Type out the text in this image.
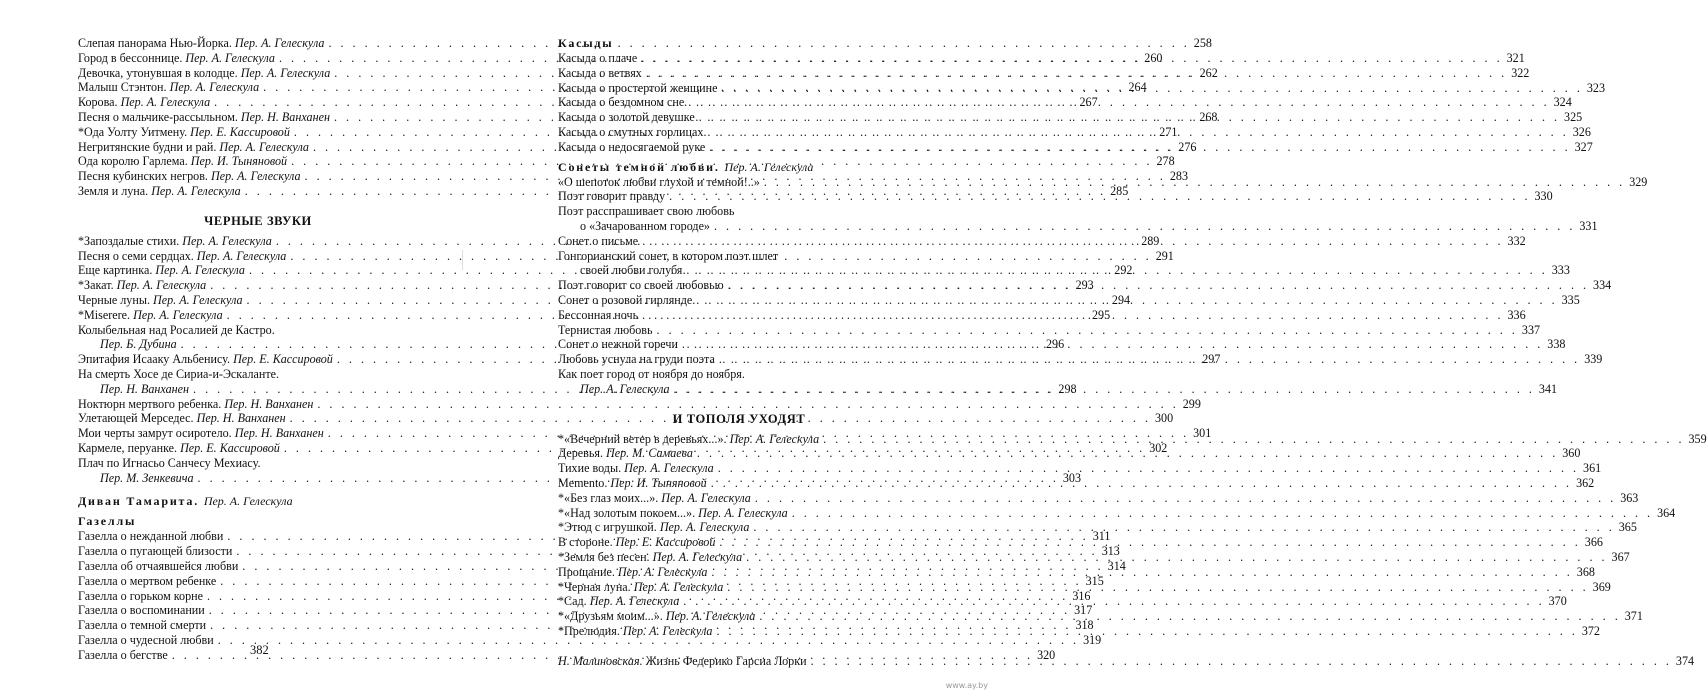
Слепая панорама Нью-Йорка. Пер. А. Гелескула . . .	258
Город в бессоннице. Пер. А. Гелескула . . .	260
Девочка, утонувшая в колодце. Пер. А. Гелескула . . .	262
Малыш Стэнтон. Пер. А. Гелескула . . .	264
Корова. Пер. А. Гелескула . . .	267
Песня о мальчике-рассыльном. Пер. Н. Ванханен . . .	268
*Ода Уолту Уитмену. Пер. Е. Кассировой . . .	271
Негритянские будни и рай. Пер. А. Гелескула . . .	276
Ода королю Гарлема. Пер. И. Тыняновой . . .	278
Песня кубинских негров. Пер. А. Гелескула . . .	283
Земля и луна. Пер. А. Гелескула . . .	285
ЧЕРНЫЕ ЗВУКИ
*Запоздалые стихи. Пер. А. Гелескула . . .	289
Песня о семи сердцах. Пер. А. Гелескула . . .	291
Еще картинка. Пер. А. Гелескула . . .	292
*Закат. Пер. А. Гелескула . . .	293
Черные луны. Пер. А. Гелескула . . .	294
*Miserere. Пер. А. Гелескула . . .	295
Колыбельная над Росалией де Кастро.
Пер. Б. Дубина . . .	296
Эпитафия Исааку Альбенису. Пер. Е. Кассировой . . .	297
На смерть Хосе де Сириа-и-Эскаланте.
Пер. Н. Ванханен . . .	298
Ноктюрн мертвого ребенка. Пер. Н. Ванханен . . .	299
Улетающей Мерседес. Пер. Н. Ванханен . . .	300
Мои черты замрут осиротело. Пер. Н. Ванханен . . .	301
Кармеле, перуанке. Пер. Е. Кассировой . . .	302
Плач по Игнасьо Санчесу Мехиасу.
Пер. М. Зенкевича . . .	303
Диван Тамарита. Пер. А. Гелескула
Газеллы
Газелла о нежданной любви . . .	311
Газелла о пугающей близости . . .	313
Газелла об отчаявшейся любви . . .	314
Газелла о мертвом ребенке . . .	315
Газелла о горьком корне . . .	316
Газелла о воспоминании . . .	317
Газелла о темной смерти . . .	318
Газелла о чудесной любви . . .	319
Газелла о бегстве . . .	320
382
Касыды
Касыда о плаче . . .	321
Касыда о ветвях . . .	322
Касыда о простертой женщине . . .	323
Касыда о бездомном сне . . .	324
Касыда о золотой девушке . . .	325
Касыда о смутных горлицах . . .	326
Касыда о недосягаемой руке . . .	327
Сонеты темной любви. Пер. А. Гелескула
«О шепоток любви глухой и темной!..» . . .	329
Поэт говорит правду . . .	330
Поэт расспрашивает свою любовь
о «Зачарованном городе» . . .	331
Сонет о письме . . .	332
Гонгорианский сонет, в котором поэт шлет
своей любви голубя . . .	333
Поэт говорит со своей любовью . . .	334
Сонет о розовой гирлянде . . .	335
Бессонная ночь . . .	336
Тернистая любовь . . .	337
Сонет о нежной горечи . . .	338
Любовь уснула на груди поэта . . .	339
Как поет город от ноября до ноября.
Пер. А. Гелескула . . .	341
И ТОПОЛЯ УХОДЯТ
*«Вечерний ветер в деревьях...». Пер. А. Гелескула . . .	359
Деревья. Пер. М. Самаева . . .	360
Тихие воды. Пер. А. Гелескула . . .	361
Memento. Пер. И. Тыняновой . . .	362
*«Без глаз моих...». Пер. А. Гелескула . . .	363
*«Над золотым покоем...». Пер. А. Гелескула . . .	364
*Этюд с игрушкой. Пер. А. Гелескула . . .	365
В стороне. Пер. Е. Кассировой . . .	366
*Земля без песен. Пер. А. Гелескула . . .	367
Прощание. Пер. А. Гелескула . . .	368
*Черная луна. Пер. А. Гелескула . . .	369
*Сад. Пер. А. Гелескула . . .	370
*«Друзьям моим...». Пер. А. Гелескула . . .	371
*Прелюдия. Пер. А. Гелескула . . .	372
Н. Малиновская. Жизнь Федерико Гарсиа Лорки . . .	374
www.ay.by
